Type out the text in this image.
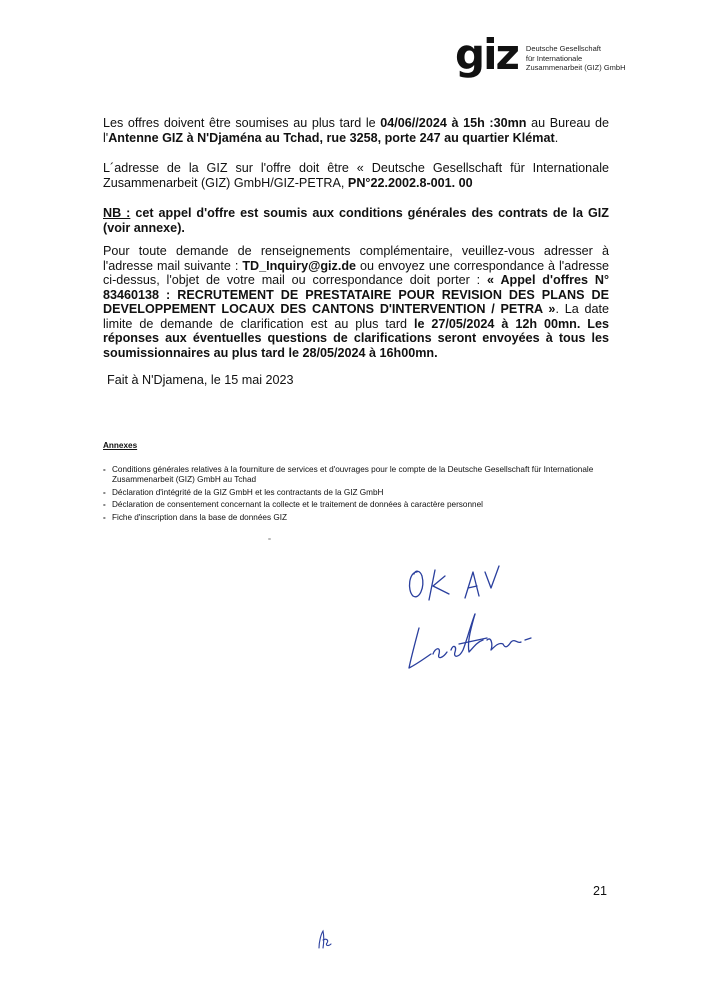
giz Deutsche Gesellschaft
für Internationale
Zusammenarbeit (GIZ) GmbH
Les offres doivent être soumises au plus tard le 04/06//2024 à 15h :30mn au Bureau de l'Antenne GIZ à N'Djaména au Tchad, rue 3258, porte 247 au quartier Klémat.
L´adresse de la GIZ sur l'offre doit être « Deutsche Gesellschaft für Internationale Zusammenarbeit (GIZ) GmbH/GIZ-PETRA, PN°22.2002.8-001. 00
NB : cet appel d'offre est soumis aux conditions générales des contrats de la GIZ (voir annexe).
Pour toute demande de renseignements complémentaire, veuillez-vous adresser à l'adresse mail suivante : TD_Inquiry@giz.de ou envoyez une correspondance à l'adresse ci-dessus, l'objet de votre mail ou correspondance doit porter : « Appel d'offres N° 83460138 : RECRUTEMENT DE PRESTATAIRE POUR REVISION DES PLANS DE DEVELOPPEMENT LOCAUX DES CANTONS D'INTERVENTION / PETRA ». La date limite de demande de clarification est au plus tard le 27/05/2024 à 12h 00mn. Les réponses aux éventuelles questions de clarifications seront envoyées à tous les soumissionnaires au plus tard le 28/05/2024 à 16h00mn.
Fait à N'Djamena, le 15 mai 2023
Annexes
- Conditions générales relatives à la fourniture de services et d'ouvrages pour le compte de la Deutsche Gesellschaft für Internationale Zusammenarbeit (GIZ) GmbH au Tchad
- Déclaration d'intégrité de la GIZ GmbH et les contractants de la GIZ GmbH
- Déclaration de consentement concernant la collecte et le traitement de données à caractère personnel
- Fiche d'inscription dans la base de données GIZ
21
